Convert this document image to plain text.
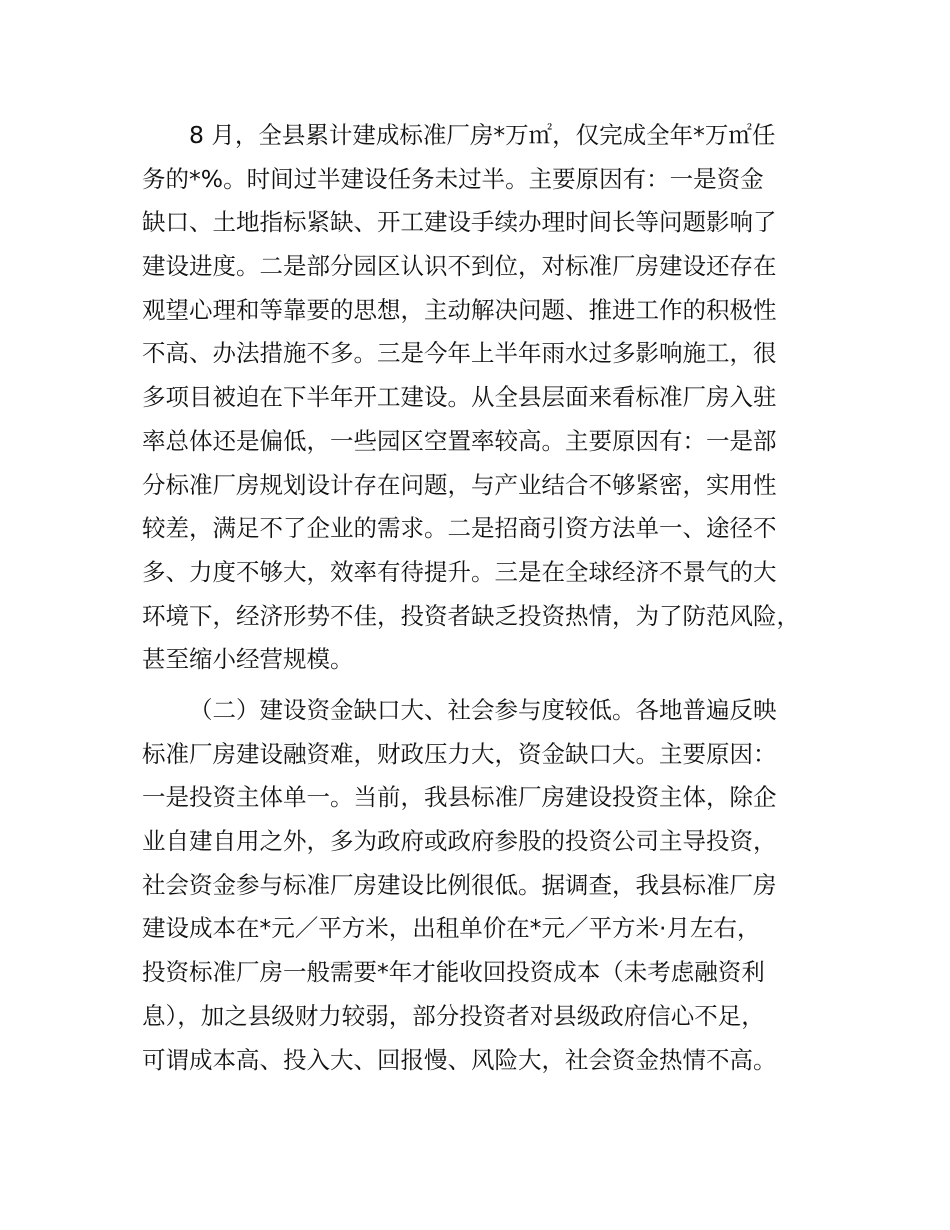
8 月，全县累计建成标准厂房*万㎡，仅完成全年*万㎡任
务的*%。时间过半建设任务未过半。主要原因有：一是资金
缺口、土地指标紧缺、开工建设手续办理时间长等问题影响了
建设进度。二是部分园区认识不到位，对标准厂房建设还存在
观望心理和等靠要的思想，主动解决问题、推进工作的积极性
不高、办法措施不多。三是今年上半年雨水过多影响施工，很
多项目被迫在下半年开工建设。从全县层面来看标准厂房入驻
率总体还是偏低，一些园区空置率较高。主要原因有：一是部
分标准厂房规划设计存在问题，与产业结合不够紧密，实用性
较差，满足不了企业的需求。二是招商引资方法单一、途径不
多、力度不够大，效率有待提升。三是在全球经济不景气的大
环境下，经济形势不佳，投资者缺乏投资热情，为了防范风险，
甚至缩小经营规模。
（二）建设资金缺口大、社会参与度较低。各地普遍反映
标准厂房建设融资难，财政压力大，资金缺口大。主要原因：
一是投资主体单一。当前，我县标准厂房建设投资主体，除企
业自建自用之外，多为政府或政府参股的投资公司主导投资，
社会资金参与标准厂房建设比例很低。据调查，我县标准厂房
建设成本在*元／平方米，出租单价在*元／平方米·月左右，
投资标准厂房一般需要*年才能收回投资成本（未考虑融资利
息），加之县级财力较弱，部分投资者对县级政府信心不足，
可谓成本高、投入大、回报慢、风险大，社会资金热情不高。
